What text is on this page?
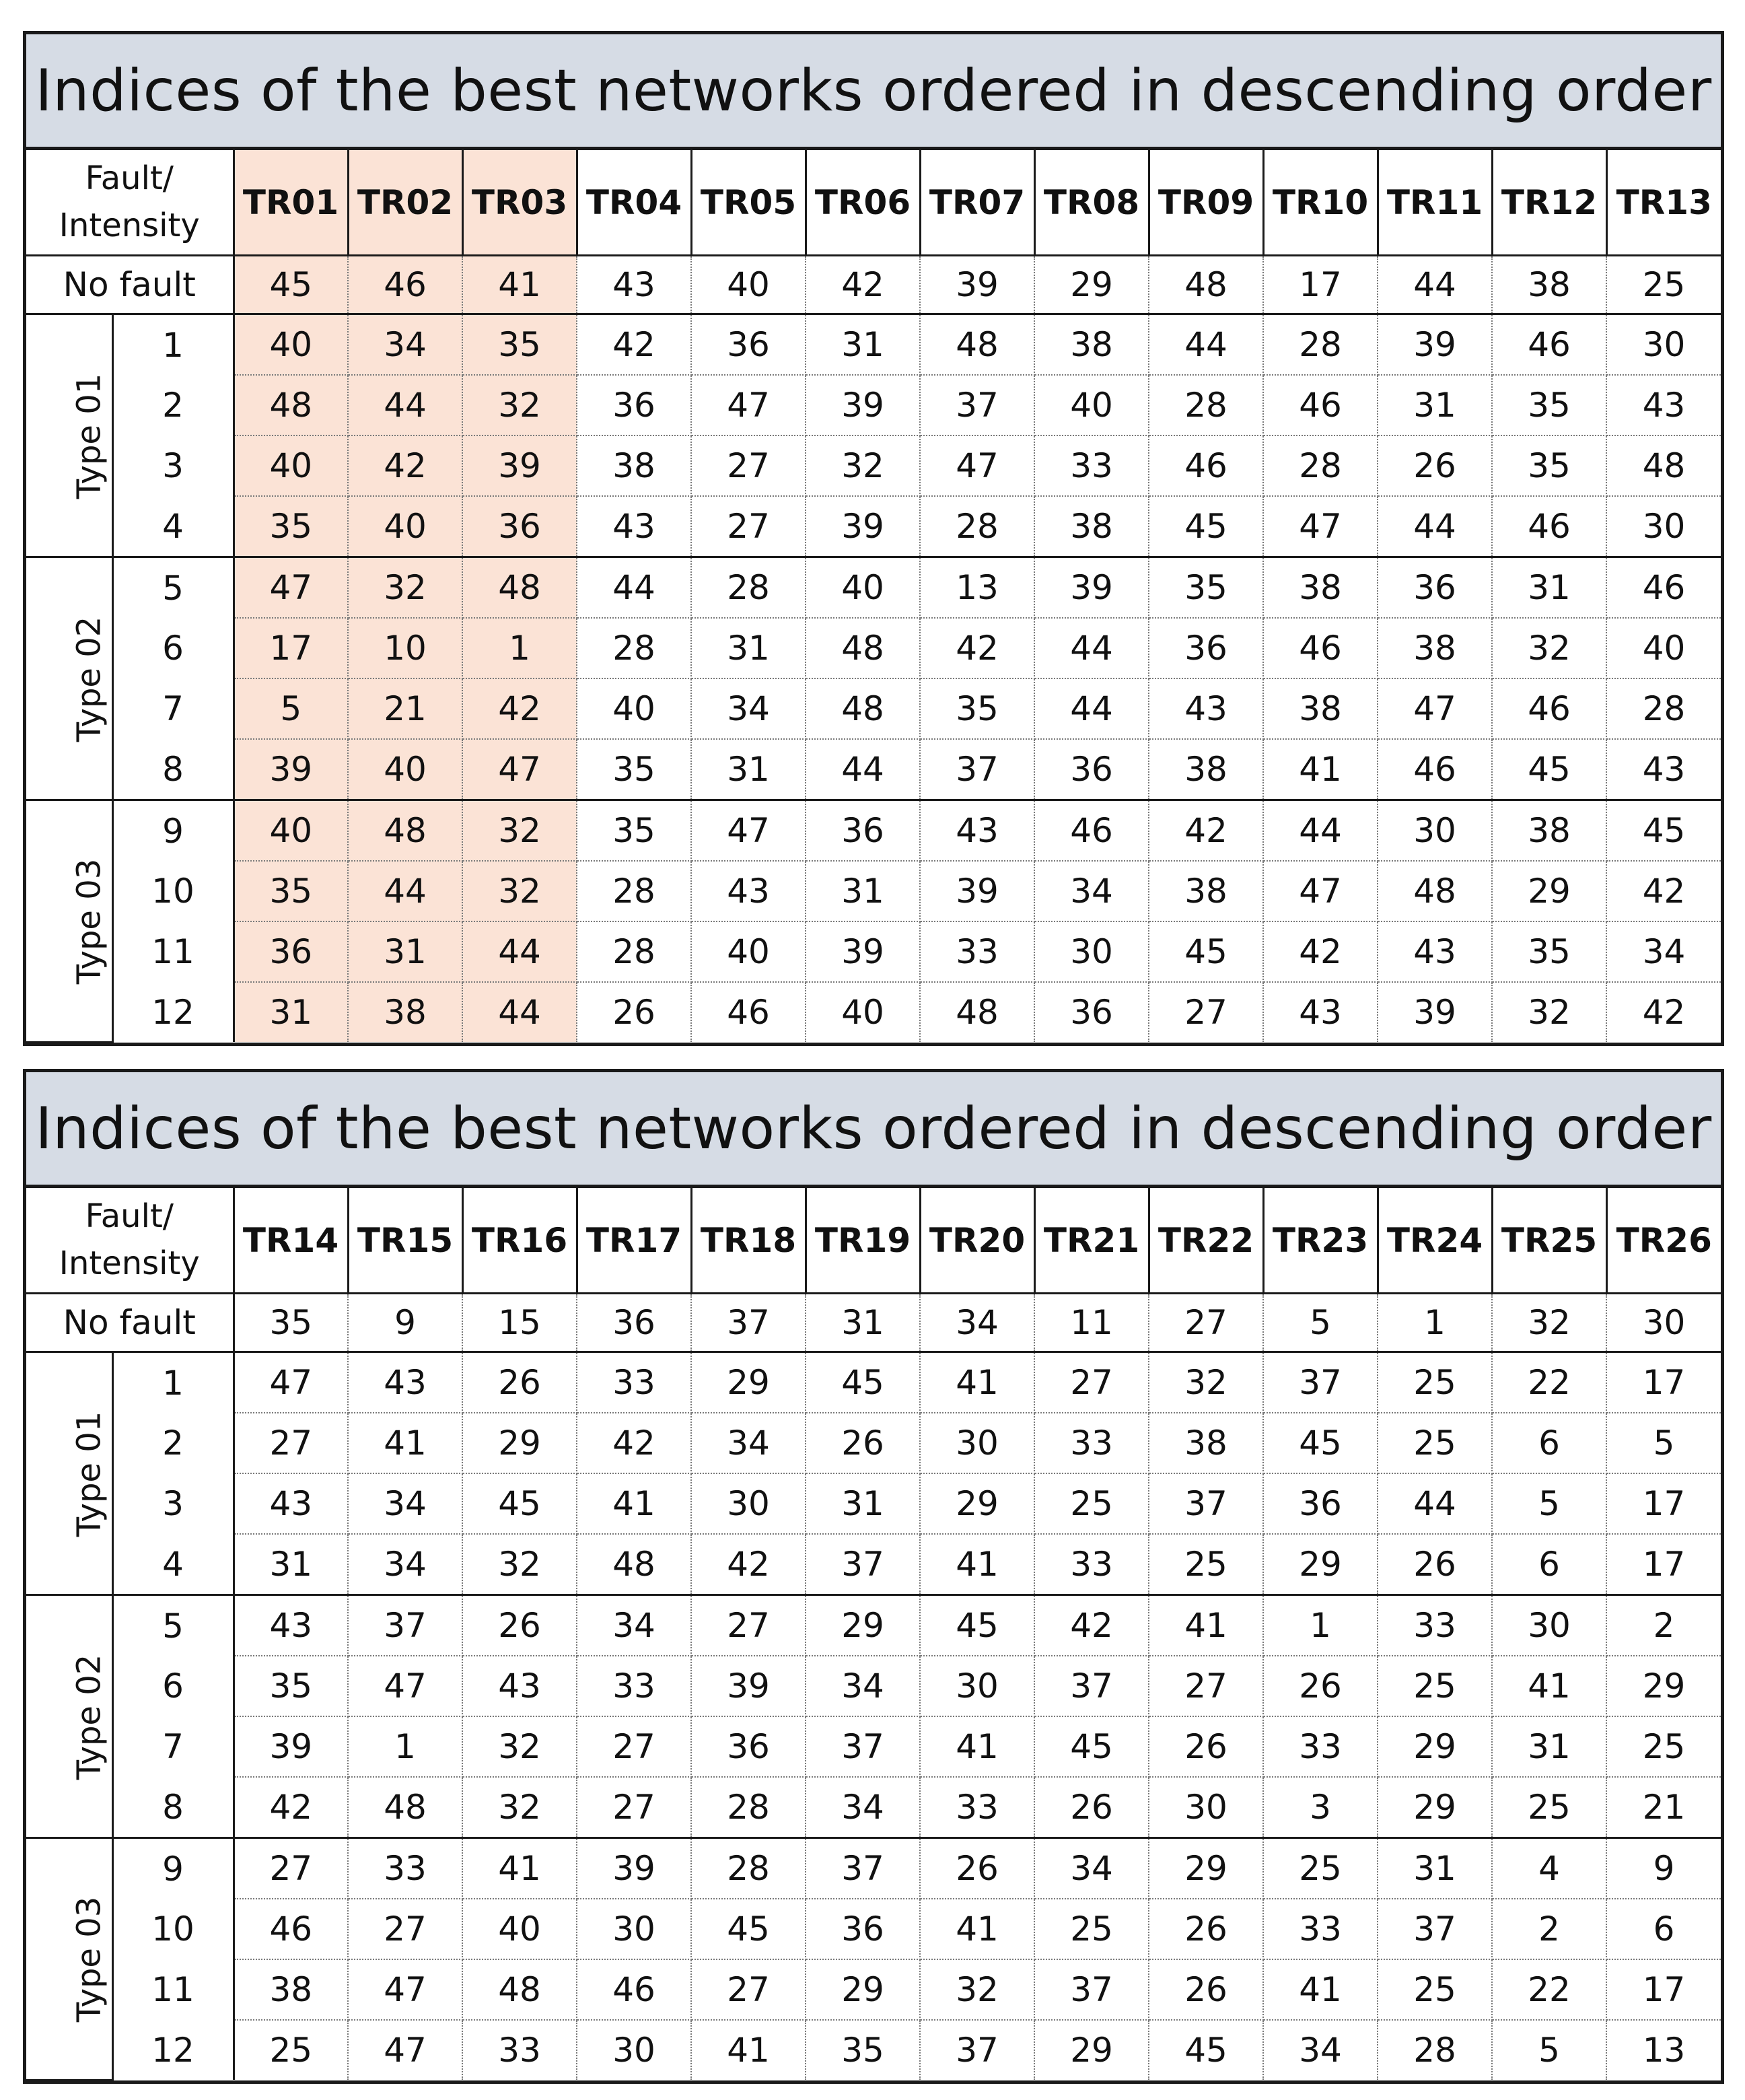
Indices of the best networks ordered in descending order
Fault/
Intensity		TR01	TR02	TR03	TR04	TR05	TR06	TR07	TR08	TR09	TR10	TR11	TR12	TR13
No fault		45	46	41	43	40	42	39	29	48	17	44	38	25
Type 01	1	40	34	35	42	36	31	48	38	44	28	39	46	30
	2	48	44	32	36	47	39	37	40	28	46	31	35	43
	3	40	42	39	38	27	32	47	33	46	28	26	35	48
	4	35	40	36	43	27	39	28	38	45	47	44	46	30
Type 02	5	47	32	48	44	28	40	13	39	35	38	36	31	46
	6	17	10	1	28	31	48	42	44	36	46	38	32	40
	7	5	21	42	40	34	48	35	44	43	38	47	46	28
	8	39	40	47	35	31	44	37	36	38	41	46	45	43
Type 03	9	40	48	32	35	47	36	43	46	42	44	30	38	45
	10	35	44	32	28	43	31	39	34	38	47	48	29	42
	11	36	31	44	28	40	39	33	30	45	42	43	35	34
	12	31	38	44	26	46	40	48	36	27	43	39	32	42
Indices of the best networks ordered in descending order
Fault/
Intensity		TR14	TR15	TR16	TR17	TR18	TR19	TR20	TR21	TR22	TR23	TR24	TR25	TR26
No fault		35	9	15	36	37	31	34	11	27	5	1	32	30
Type 01	1	47	43	26	33	29	45	41	27	32	37	25	22	17
	2	27	41	29	42	34	26	30	33	38	45	25	6	5
	3	43	34	45	41	30	31	29	25	37	36	44	5	17
	4	31	34	32	48	42	37	41	33	25	29	26	6	17
Type 02	5	43	37	26	34	27	29	45	42	41	1	33	30	2
	6	35	47	43	33	39	34	30	37	27	26	25	41	29
	7	39	1	32	27	36	37	41	45	26	33	29	31	25
	8	42	48	32	27	28	34	33	26	30	3	29	25	21
Type 03	9	27	33	41	39	28	37	26	34	29	25	31	4	9
	10	46	27	40	30	45	36	41	25	26	33	37	2	6
	11	38	47	48	46	27	29	32	37	26	41	25	22	17
	12	25	47	33	30	41	35	37	29	45	34	28	5	13
